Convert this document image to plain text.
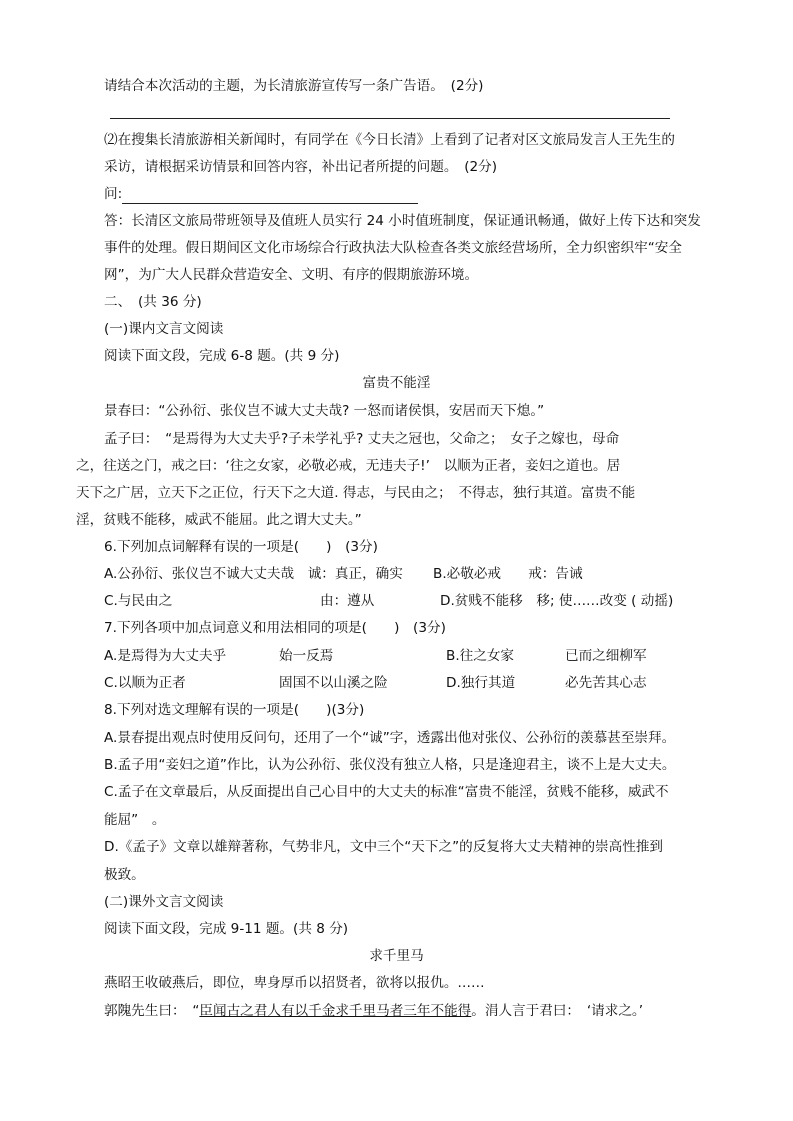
请结合本次活动的主题，为长清旅游宣传写一条广告语。　(2分)
⑵在搜集长清旅游相关新闻时，有同学在《今日长清》上看到了记者对区文旅局发言人王先生的
采访，请根据采访情景和回答内容，补出记者所提的问题。　(2分)
问:
答：长清区文旅局带班领导及值班人员实行 24 小时值班制度，保证通讯畅通，做好上传下达和突发
事件的处理。假日期间区文化市场综合行政执法大队检查各类文旅经营场所，全力织密织牢“安全
网”，为广大人民群众营造安全、文明、有序的假期旅游环境。
二、　(共 36 分)
(一)课内文言文阅读
阅读下面文段，完成 6-8 题。(共 9 分)
富贵不能淫
景春曰：“公孙衍、张仪岂不诚大丈夫哉? 一怒而诸侯惧，安居而天下熄。”
孟子曰：　“是焉得为大丈夫乎?子未学礼乎? 丈夫之冠也，父命之；　女子之嫁也，母命
之，往送之门，戒之曰：‘往之女家，必敬必戒，无违夫子!’　以顺为正者，妾妇之道也。居
天下之广居，立天下之正位，行天下之大道. 得志，与民由之；　不得志，独行其道。富贵不能
淫，贫贱不能移，威武不能屈。此之谓大丈夫。”
6.下列加点词解释有误的一项是(　　)　(3分)
A.公孙衍、张仪岂不诚大丈夫哉　诚：真正，确实 B.必敬必戒　　戒：告诫
C.与民由之	由：遵从	D.贫贱不能移　移; 使……改变 ( 动摇)
7.下列各项中加点词意义和用法相同的项是(　　)　(3分)
A.是焉得为大丈夫乎	始一反焉	B.往之女家	已而之细柳军
C.以顺为正者	固国不以山溪之险	D.独行其道	必先苦其心志
8.下列对选文理解有误的一项是(　　)(3分)
A.景春提出观点时使用反问句，还用了一个“诚”字，透露出他对张仪、公孙衍的羡慕甚至崇拜。
B.孟子用“妾妇之道”作比，认为公孙衍、张仪没有独立人格，只是逢迎君主，谈不上是大丈夫。
C.孟子在文章最后，从反面提出自己心目中的大丈夫的标准“富贵不能淫，贫贱不能移，威武不
能屈”　。
D.《孟子》文章以雄辩著称，气势非凡，文中三个“天下之”的反复将大丈夫精神的崇高性推到
极致。
(二)课外文言文阅读
阅读下面文段，完成 9-11 题。(共 8 分)
求千里马
燕昭王收破燕后，即位，卑身厚币以招贤者，欲将以报仇。……
郭隗先生曰：　“臣闻古之君人有以千金求千里马者三年不能得。涓人言于君曰：　‘请求之。’
